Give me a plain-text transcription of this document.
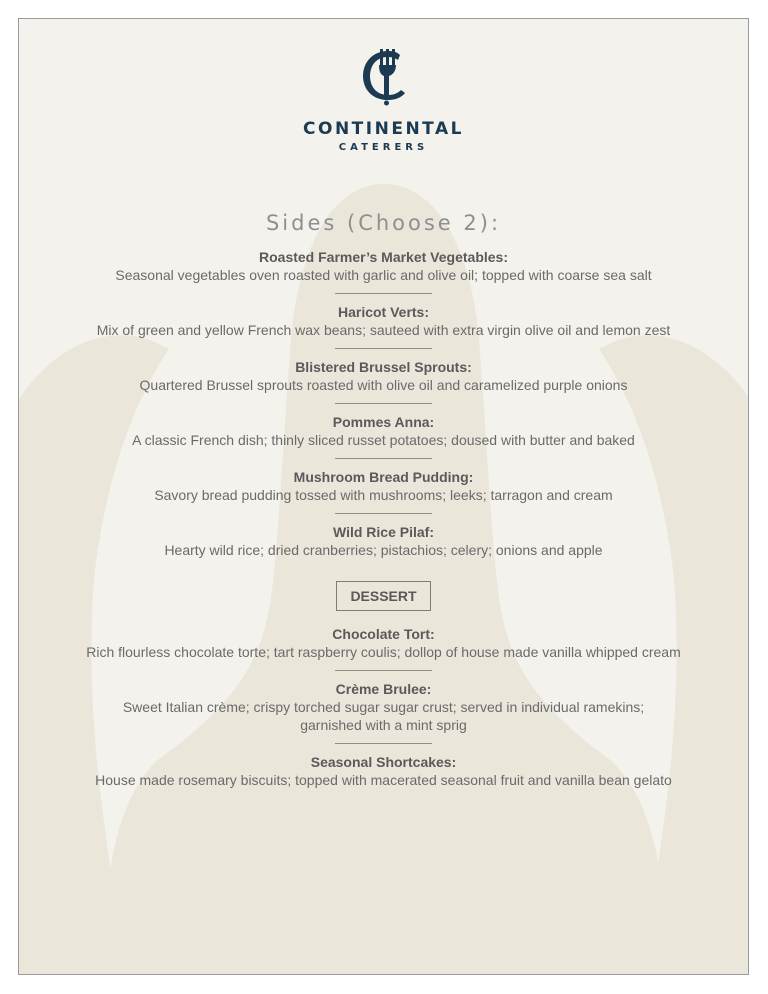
CONTINENTAL
CATERERS
Sides (Choose 2):
Roasted Farmer’s Market Vegetables:
Seasonal vegetables oven roasted with garlic and olive oil; topped with coarse sea salt
Haricot Verts:
Mix of green and yellow French wax beans; sauteed with extra virgin olive oil and lemon zest
Blistered Brussel Sprouts:
Quartered Brussel sprouts roasted with olive oil and caramelized purple onions
Pommes Anna:
A classic French dish; thinly sliced russet potatoes; doused with butter and baked
Mushroom Bread Pudding:
Savory bread pudding tossed with mushrooms; leeks; tarragon and cream
Wild Rice Pilaf:
Hearty wild rice; dried cranberries; pistachios; celery; onions and apple
DESSERT
Chocolate Tort:
Rich flourless chocolate torte; tart raspberry coulis; dollop of house made vanilla whipped cream
Crème Brulee:
Sweet Italian crème; crispy torched sugar sugar crust; served in individual ramekins; garnished with a mint sprig
Seasonal Shortcakes:
House made rosemary biscuits; topped with macerated seasonal fruit and vanilla bean gelato
